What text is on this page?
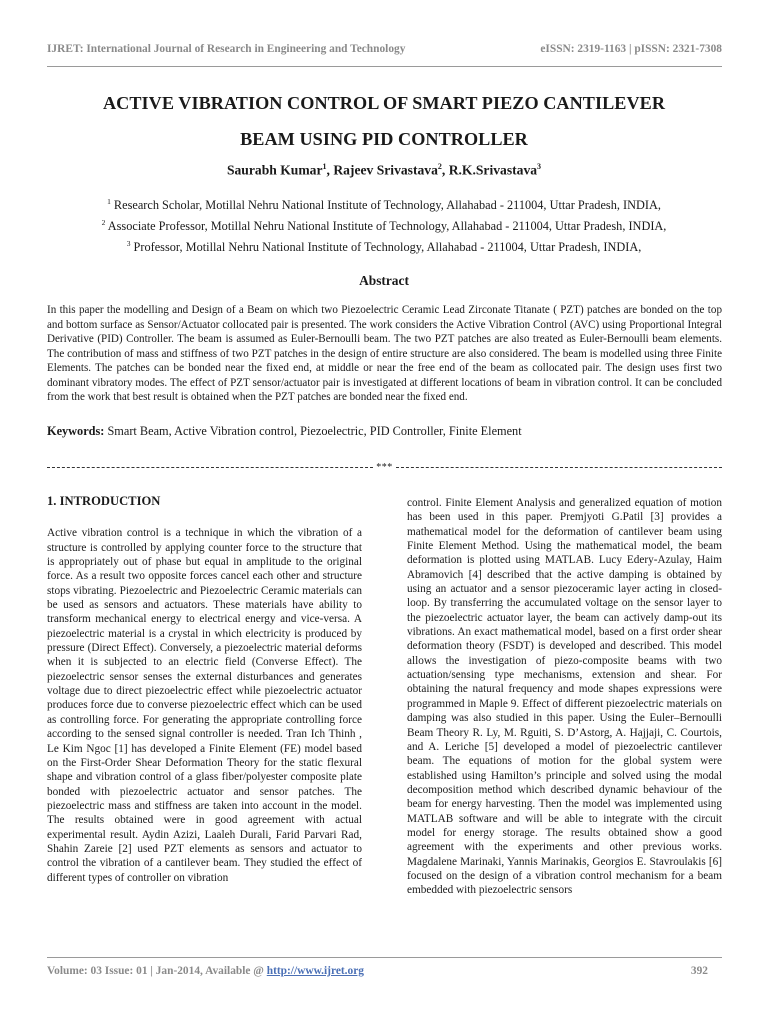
IJRET: International Journal of Research in Engineering and Technology	eISSN: 2319-1163 | pISSN: 2321-7308
ACTIVE VIBRATION CONTROL OF SMART PIEZO CANTILEVER
BEAM USING PID CONTROLLER
Saurabh Kumar$^1$, Rajeev Srivastava$^2$, R.K.Srivastava$^3$

$^1$ Research Scholar, Motillal Nehru National Institute of Technology, Allahabad - 211004, Uttar Pradesh, INDIA,

$^2$ Associate Professor, Motillal Nehru National Institute of Technology, Allahabad - 211004, Uttar Pradesh, INDIA,

$^3$ Professor, Motillal Nehru National Institute of Technology, Allahabad - 211004, Uttar Pradesh, INDIA,

Abstract

In this paper the modelling and Design of a Beam on which two Piezoelectric Ceramic Lead Zirconate Titanate ( PZT) patches are bonded on the top and bottom surface as Sensor/Actuator collocated pair is presented. The work considers the Active Vibration Control (AVC) using Proportional Integral Derivative (PID) Controller. The beam is assumed as Euler-Bernoulli beam. The two PZT patches are also treated as Euler-Bernoulli beam elements. The contribution of mass and stiffness of two PZT patches in the design of entire structure are also considered. The beam is modelled using three Finite Elements. The patches can be bonded near the fixed end, at middle or near the free end of the beam as collocated pair. The design uses first two dominant vibratory modes. The effect of PZT sensor/actuator pair is investigated at different locations of beam in vibration control. It can be concluded from the work that best result is obtained when the PZT patches are bonded near the fixed end.

Keywords: Smart Beam, Active Vibration control, Piezoelectric, PID Controller, Finite Element

***
1. INTRODUCTION

Active vibration control is a technique in which the vibration of a structure is controlled by applying counter force to the structure that is appropriately out of phase but equal in amplitude to the original force. As a result two opposite forces cancel each other and structure stops vibrating. Piezoelectric and Piezoelectric Ceramic materials can be used as sensors and actuators. These materials have ability to transform mechanical energy to electrical energy and vice-versa. A piezoelectric material is a crystal in which electricity is produced by pressure (Direct Effect). Conversely, a piezoelectric material deforms when it is subjected to an electric field (Converse Effect). The piezoelectric sensor senses the external disturbances and generates voltage due to direct piezoelectric effect while piezoelectric actuator produces force due to converse piezoelectric effect which can be used as controlling force. For generating the appropriate controlling force according to the sensed signal controller is needed. Tran Ich Thinh , Le Kim Ngoc [1] has developed a Finite Element (FE) model based on the First-Order Shear Deformation Theory for the static flexural shape and vibration control of a glass fiber/polyester composite plate bonded with piezoelectric actuator and sensor patches. The piezoelectric mass and stiffness are taken into account in the model. The results obtained were in good agreement with actual experimental result. Aydin Azizi, Laaleh Durali, Farid Parvari Rad, Shahin Zareie [2] used PZT elements as sensors and actuator to control the vibration of a cantilever beam. They studied the effect of different types of controller on vibration

control. Finite Element Analysis and generalized equation of motion has been used in this paper. Premjyoti G.Patil [3] provides a mathematical model for the deformation of cantilever beam using Finite Element Method. Using the mathematical model, the beam deformation is plotted using MATLAB. Lucy Edery-Azulay, Haim Abramovich [4] described that the active damping is obtained by using an actuator and a sensor piezoceramic layer acting in closed-loop. By transferring the accumulated voltage on the sensor layer to the piezoelectric actuator layer, the beam can actively damp-out its vibrations. An exact mathematical model, based on a first order shear deformation theory (FSDT) is developed and described. This model allows the investigation of piezo-composite beams with two actuation/sensing type mechanisms, extension and shear. For obtaining the natural frequency and mode shapes expressions were programmed in Maple 9. Effect of different piezoelectric materials on damping was also studied in this paper. Using the Euler–Bernoulli Beam Theory R. Ly, M. Rguiti, S. D’Astorg, A. Hajjaji, C. Courtois, and A. Leriche [5] developed a model of piezoelectric cantilever beam. The equations of motion for the global system were established using Hamilton’s principle and solved using the modal decomposition method which described dynamic behaviour of the beam for energy harvesting. Then the model was implemented using MATLAB software and will be able to integrate with the circuit model for energy storage. The results obtained show a good agreement with the experiments and other previous works. Magdalene Marinaki, Yannis Marinakis, Georgios E. Stavroulakis [6] focused on the design of a vibration control mechanism for a beam embedded with piezoelectric sensors

Volume: 03 Issue: 01 | Jan-2014, Available @ http://www.ijret.org	392
